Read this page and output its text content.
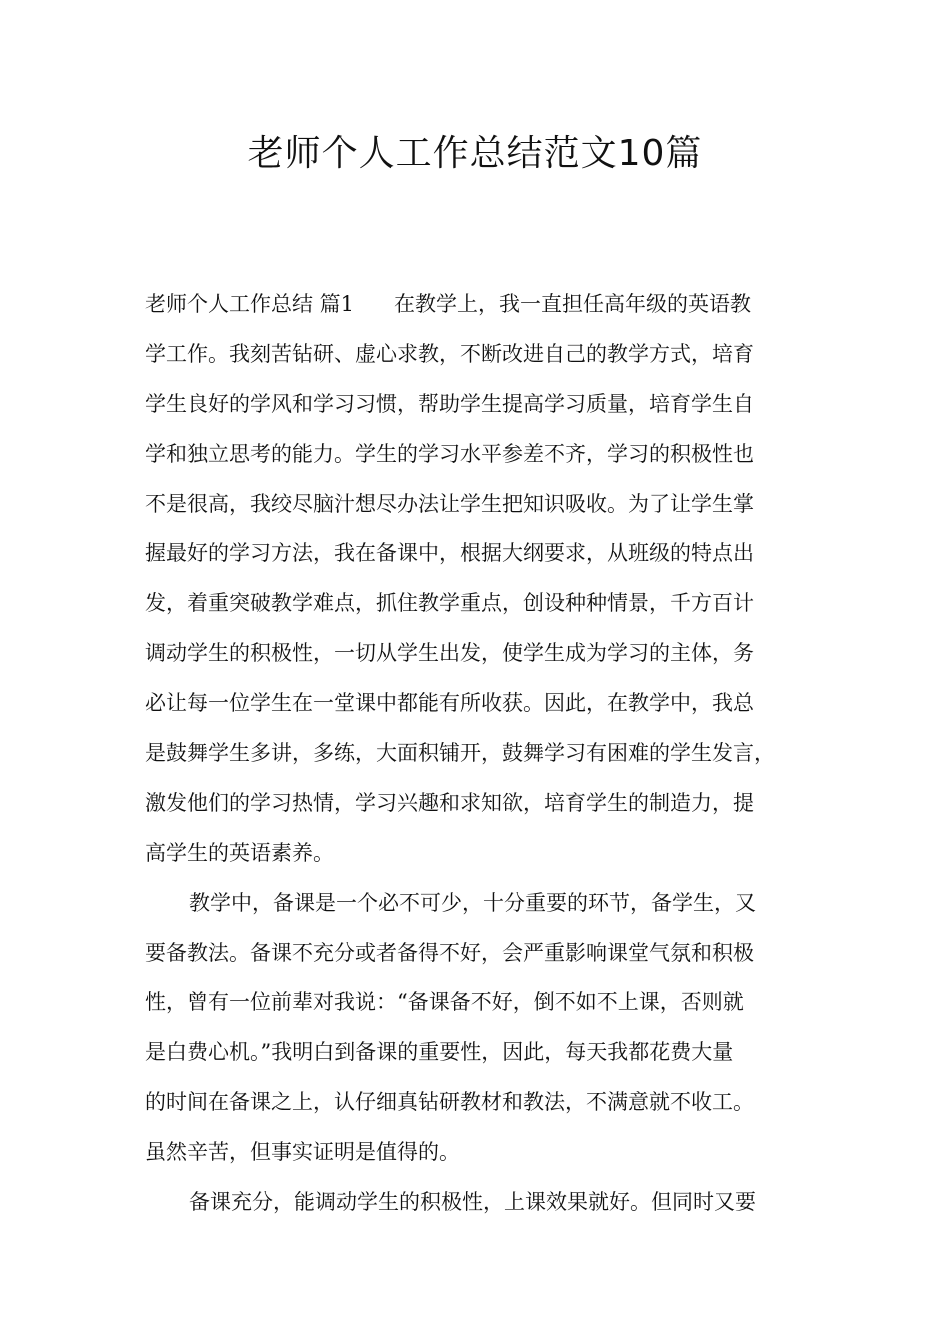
老师个人工作总结范文10篇
老师个人工作总结 篇1 在教学上，我一直担任高年级的英语教
学工作。我刻苦钻研、虚心求教，不断改进自己的教学方式，培育
学生良好的学风和学习习惯，帮助学生提高学习质量，培育学生自
学和独立思考的能力。学生的学习水平参差不齐，学习的积极性也
不是很高，我绞尽脑汁想尽办法让学生把知识吸收。为了让学生掌
握最好的学习方法，我在备课中，根据大纲要求，从班级的特点出
发，着重突破教学难点，抓住教学重点，创设种种情景，千方百计
调动学生的积极性，一切从学生出发，使学生成为学习的主体，务
必让每一位学生在一堂课中都能有所收获。因此，在教学中，我总
是鼓舞学生多讲，多练，大面积铺开，鼓舞学习有困难的学生发言，
激发他们的学习热情，学习兴趣和求知欲，培育学生的制造力，提
高学生的英语素养。
教学中，备课是一个必不可少，十分重要的环节，备学生，又
要备教法。备课不充分或者备得不好，会严重影响课堂气氛和积极
性，曾有一位前辈对我说：“备课备不好，倒不如不上课，否则就
是白费心机。”我明白到备课的重要性，因此，每天我都花费大量
的时间在备课之上，认仔细真钻研教材和教法，不满意就不收工。
虽然辛苦，但事实证明是值得的。
备课充分，能调动学生的积极性，上课效果就好。但同时又要
